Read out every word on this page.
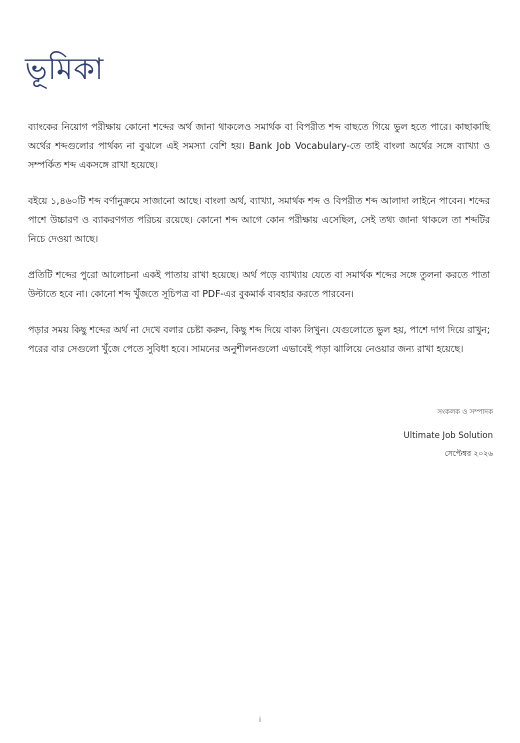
ভূমিকা

ব্যাংকের নিয়োগ পরীক্ষায় কোনো শব্দের অর্থ জানা থাকলেও সমার্থক বা বিপরীত শব্দ বাছতে গিয়ে ভুল হতে পারে। কাছাকাছি অর্থের শব্দগুলোর পার্থক্য না বুঝলে এই সমস্যা বেশি হয়। Bank Job Vocabulary-তে তাই বাংলা অর্থের সঙ্গে ব্যাখ্যা ও সম্পর্কিত শব্দ একসঙ্গে রাখা হয়েছে।

বইয়ে ১,৪৬০টি শব্দ বর্ণানুক্রমে সাজানো আছে। বাংলা অর্থ, ব্যাখ্যা, সমার্থক শব্দ ও বিপরীত শব্দ আলাদা লাইনে পাবেন। শব্দের পাশে উচ্চারণ ও ব্যাকরণগত পরিচয় রয়েছে। কোনো শব্দ আগে কোন পরীক্ষায় এসেছিল, সেই তথ্য জানা থাকলে তা শব্দটির নিচে দেওয়া আছে।

প্রতিটি শব্দের পুরো আলোচনা একই পাতায় রাখা হয়েছে। অর্থ পড়ে ব্যাখ্যায় যেতে বা সমার্থক শব্দের সঙ্গে তুলনা করতে পাতা উল্টাতে হবে না। কোনো শব্দ খুঁজতে সূচিপত্র বা PDF-এর বুকমার্ক ব্যবহার করতে পারবেন।

পড়ার সময় কিছু শব্দের অর্থ না দেখে বলার চেষ্টা করুন, কিছু শব্দ দিয়ে বাক্য লিখুন। যেগুলোতে ভুল হয়, পাশে দাগ দিয়ে রাখুন; পরের বার সেগুলো খুঁজে পেতে সুবিধা হবে। সামনের অনুশীলনগুলো এভাবেই পড়া ঝালিয়ে নেওয়ার জন্য রাখা হয়েছে।

সংকলক ও সম্পাদক

Ultimate Job Solution

সেপ্টেম্বর ২০২৬

i
